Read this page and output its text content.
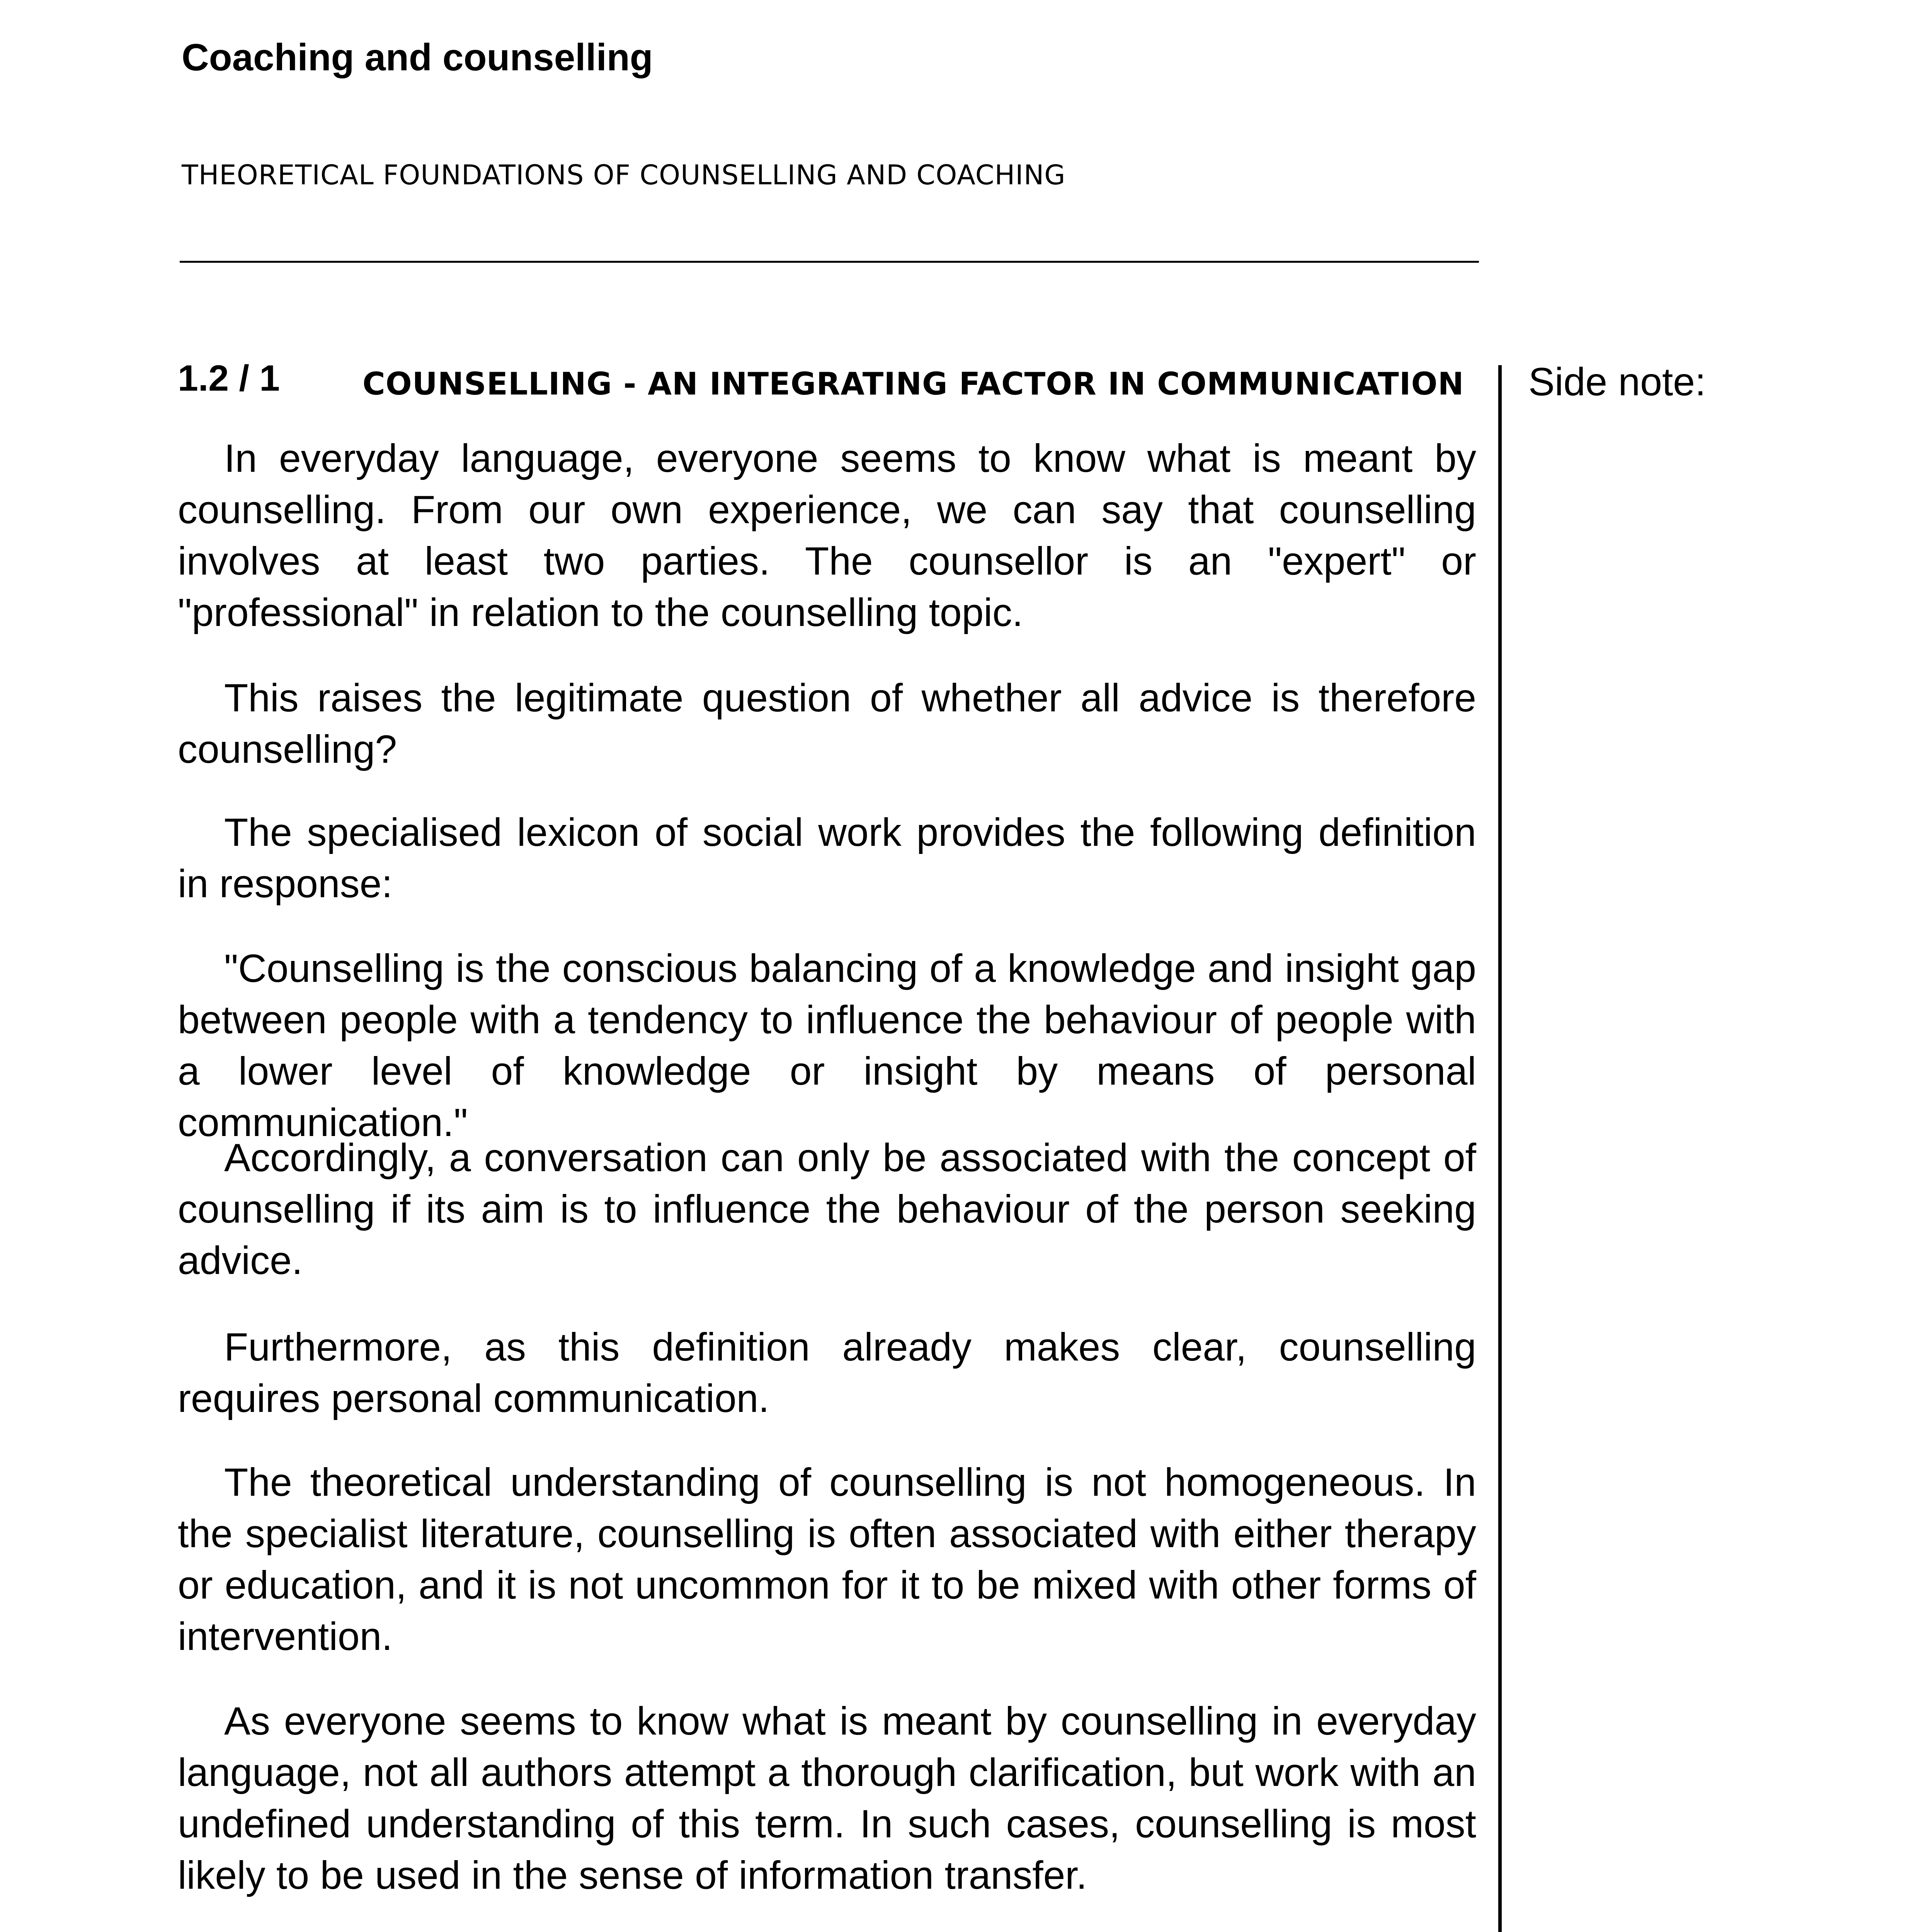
Coaching and counselling
THEORETICAL FOUNDATIONS OF COUNSELLING AND COACHING
Side note:
1.2 / 1	COUNSELLING - AN INTEGRATING FACTOR IN COMMUNICATION

In everyday language, everyone seems to know what is meant by counselling. From our own experience, we can say that counselling involves at least two parties. The counsellor is an "expert" or "professional" in relation to the counselling topic.

This raises the legitimate question of whether all advice is therefore counselling?

The specialised lexicon of social work provides the following definition in response:

"Counselling is the conscious balancing of a knowledge and insight gap between people with a tendency to influence the behaviour of people with a lower level of knowledge or insight by means of personal communication."

Accordingly, a conversation can only be associated with the concept of counselling if its aim is to influence the behaviour of the person seeking advice.

Furthermore, as this definition already makes clear, counselling requires personal communication.

The theoretical understanding of counselling is not homogeneous. In the specialist literature, counselling is often associated with either therapy or education, and it is not uncommon for it to be mixed with other forms of intervention.

As everyone seems to know what is meant by counselling in everyday language, not all authors attempt a thorough clarification, but work with an undefined understanding of this term. In such cases, counselling is most likely to be used in the sense of information transfer.
